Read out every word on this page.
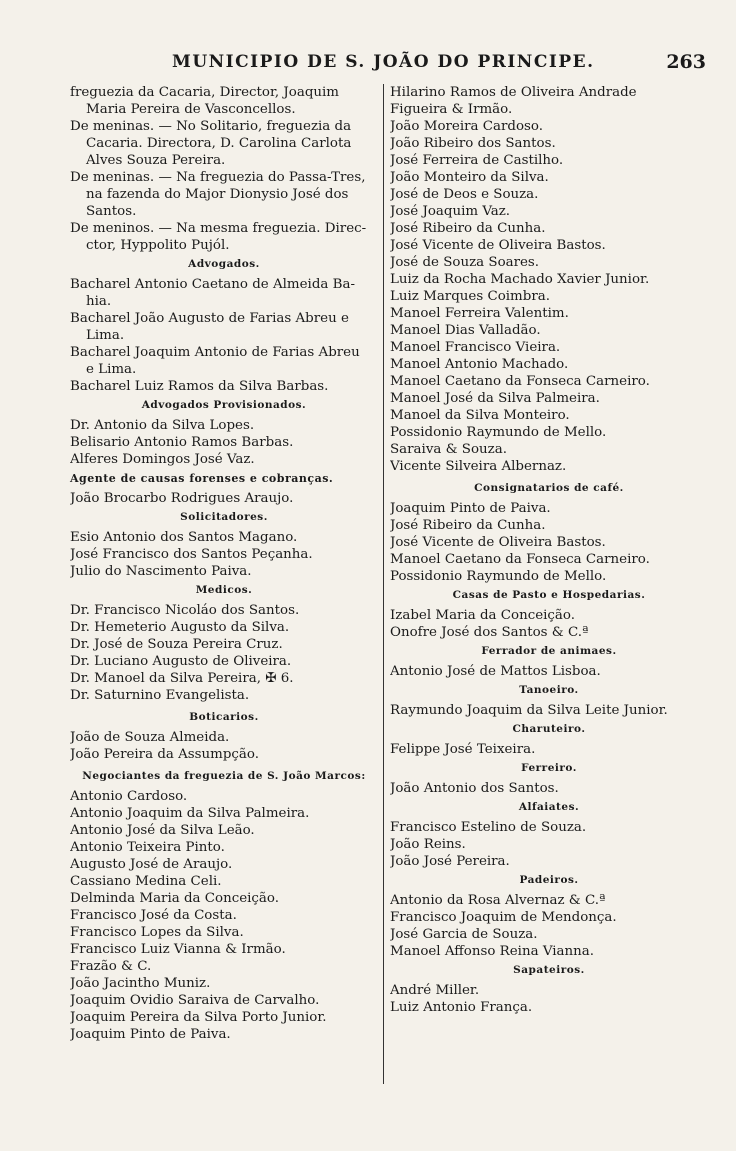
MUNICIPIO DE S. JOÃO DO PRINCIPE.	263
freguezia da Cacaria, Director, Joaquim
Maria Pereira de Vasconcellos.
De meninas. — No Solitario, freguezia da
Cacaria. Directora, D. Carolina Carlota
Alves Souza Pereira.
De meninas. — Na freguezia do Passa-Tres,
na fazenda do Major Dionysio José dos
Santos.
De meninos. — Na mesma freguezia. Direc-
ctor, Hyppolito Pujól.
Advogados.
Bacharel Antonio Caetano de Almeida Ba-
hia.
Bacharel João Augusto de Farias Abreu e
Lima.
Bacharel Joaquim Antonio de Farias Abreu
e Lima.
Bacharel Luiz Ramos da Silva Barbas.
Advogados Provisionados.
Dr. Antonio da Silva Lopes.
Belisario Antonio Ramos Barbas.
Alferes Domingos José Vaz.
Agente de causas forenses e cobranças.
João Brocarbo Rodrigues Araujo.
Solicitadores.
Esio Antonio dos Santos Magano.
José Francisco dos Santos Peçanha.
Julio do Nascimento Paiva.
Medicos.
Dr. Francisco Nicoláo dos Santos.
Dr. Hemeterio Augusto da Silva.
Dr. José de Souza Pereira Cruz.
Dr. Luciano Augusto de Oliveira.
Dr. Manoel da Silva Pereira, ✠ 6.
Dr. Saturnino Evangelista.
Boticarios.
João de Souza Almeida.
João Pereira da Assumpção.
Negociantes da freguezia de S. João Marcos:
Antonio Cardoso.
Antonio Joaquim da Silva Palmeira.
Antonio José da Silva Leão.
Antonio Teixeira Pinto.
Augusto José de Araujo.
Cassiano Medina Celi.
Delminda Maria da Conceição.
Francisco José da Costa.
Francisco Lopes da Silva.
Francisco Luiz Vianna & Irmão.
Frazão & C.
João Jacintho Muniz.
Joaquim Ovidio Saraiva de Carvalho.
Joaquim Pereira da Silva Porto Junior.
Joaquim Pinto de Paiva.
Hilarino Ramos de Oliveira Andrade
Figueira & Irmão.
João Moreira Cardoso.
João Ribeiro dos Santos.
José Ferreira de Castilho.
João Monteiro da Silva.
José de Deos e Souza.
José Joaquim Vaz.
José Ribeiro da Cunha.
José Vicente de Oliveira Bastos.
José de Souza Soares.
Luiz da Rocha Machado Xavier Junior.
Luiz Marques Coimbra.
Manoel Ferreira Valentim.
Manoel Dias Valladão.
Manoel Francisco Vieira.
Manoel Antonio Machado.
Manoel Caetano da Fonseca Carneiro.
Manoel José da Silva Palmeira.
Manoel da Silva Monteiro.
Possidonio Raymundo de Mello.
Saraiva & Souza.
Vicente Silveira Albernaz.
Consignatarios de café.
Joaquim Pinto de Paiva.
José Ribeiro da Cunha.
José Vicente de Oliveira Bastos.
Manoel Caetano da Fonseca Carneiro.
Possidonio Raymundo de Mello.
Casas de Pasto e Hospedarias.
Izabel Maria da Conceição.
Onofre José dos Santos & C.ª
Ferrador de animaes.
Antonio José de Mattos Lisboa.
Tanoeiro.
Raymundo Joaquim da Silva Leite Junior.
Charuteiro.
Felippe José Teixeira.
Ferreiro.
João Antonio dos Santos.
Alfaiates.
Francisco Estelino de Souza.
João Reins.
João José Pereira.
Padeiros.
Antonio da Rosa Alvernaz & C.ª
Francisco Joaquim de Mendonça.
José Garcia de Souza.
Manoel Affonso Reina Vianna.
Sapateiros.
André Miller.
Luiz Antonio França.
